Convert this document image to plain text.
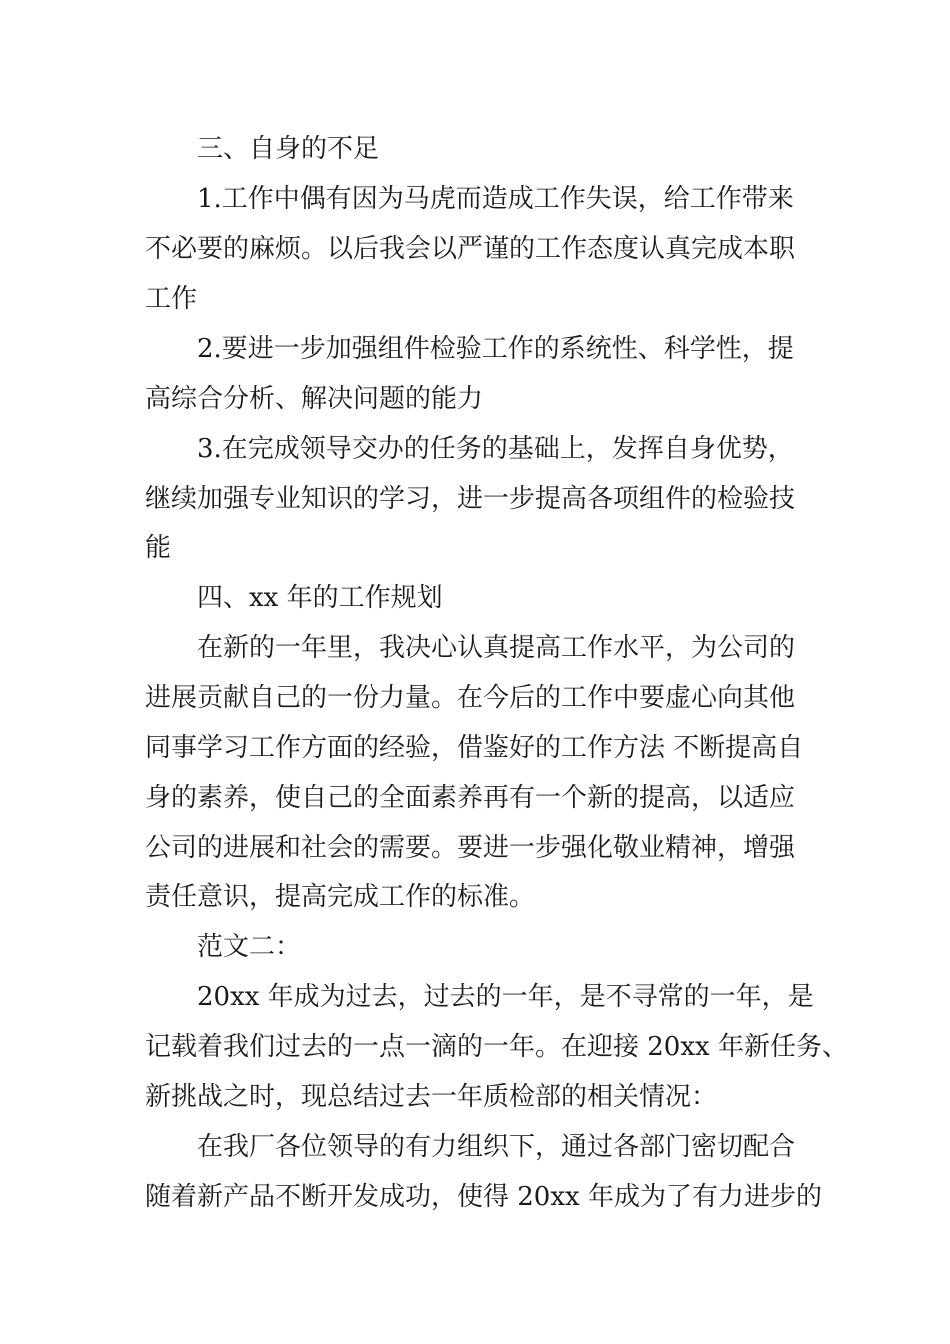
三、自身的不足
1.工作中偶有因为马虎而造成工作失误，给工作带来
不必要的麻烦。以后我会以严谨的工作态度认真完成本职
工作
2.要进一步加强组件检验工作的系统性、科学性，提
高综合分析、解决问题的能力
3.在完成领导交办的任务的基础上，发挥自身优势，
继续加强专业知识的学习，进一步提高各项组件的检验技
能
四、xx 年的工作规划
在新的一年里，我决心认真提高工作水平，为公司的
进展贡献自己的一份力量。在今后的工作中要虚心向其他
同事学习工作方面的经验，借鉴好的工作方法 不断提高自
身的素养，使自己的全面素养再有一个新的提高，以适应
公司的进展和社会的需要。要进一步强化敬业精神，增强
责任意识，提高完成工作的标准。
范文二：
20xx 年成为过去，过去的一年，是不寻常的一年，是
记载着我们过去的一点一滴的一年。在迎接 20xx 年新任务、
新挑战之时，现总结过去一年质检部的相关情况：
在我厂各位领导的有力组织下，通过各部门密切配合
随着新产品不断开发成功，使得 20xx 年成为了有力进步的
